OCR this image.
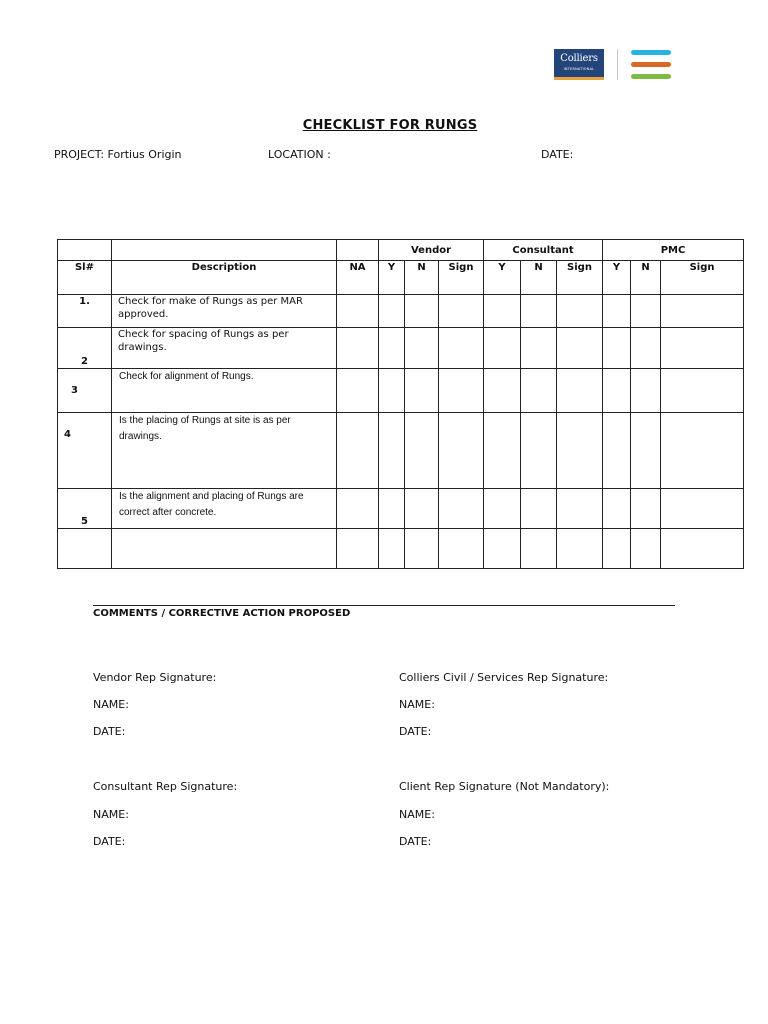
Colliers
INTERNATIONAL
CHECKLIST FOR RUNGS
PROJECT: Fortius Origin	LOCATION :	DATE:
			Vendor			Consultant			PMC		
Sl#	Description	NA	Y	N	Sign	Y	N	Sign	Y	N	Sign
1.	Check for make of Rungs as per MAR approved.										
2	Check for spacing of Rungs as per drawings.										
3	Check for alignment of Rungs.										
4	Is the placing of Rungs at site is as per drawings.										
5	Is the alignment and placing of Rungs are correct after concrete.										

COMMENTS / CORRECTIVE ACTION PROPOSED
Vendor Rep Signature:
NAME:
DATE:
Colliers Civil / Services Rep Signature:
NAME:
DATE:
Consultant Rep Signature:
NAME:
DATE:
Client Rep Signature (Not Mandatory):
NAME:
DATE:
